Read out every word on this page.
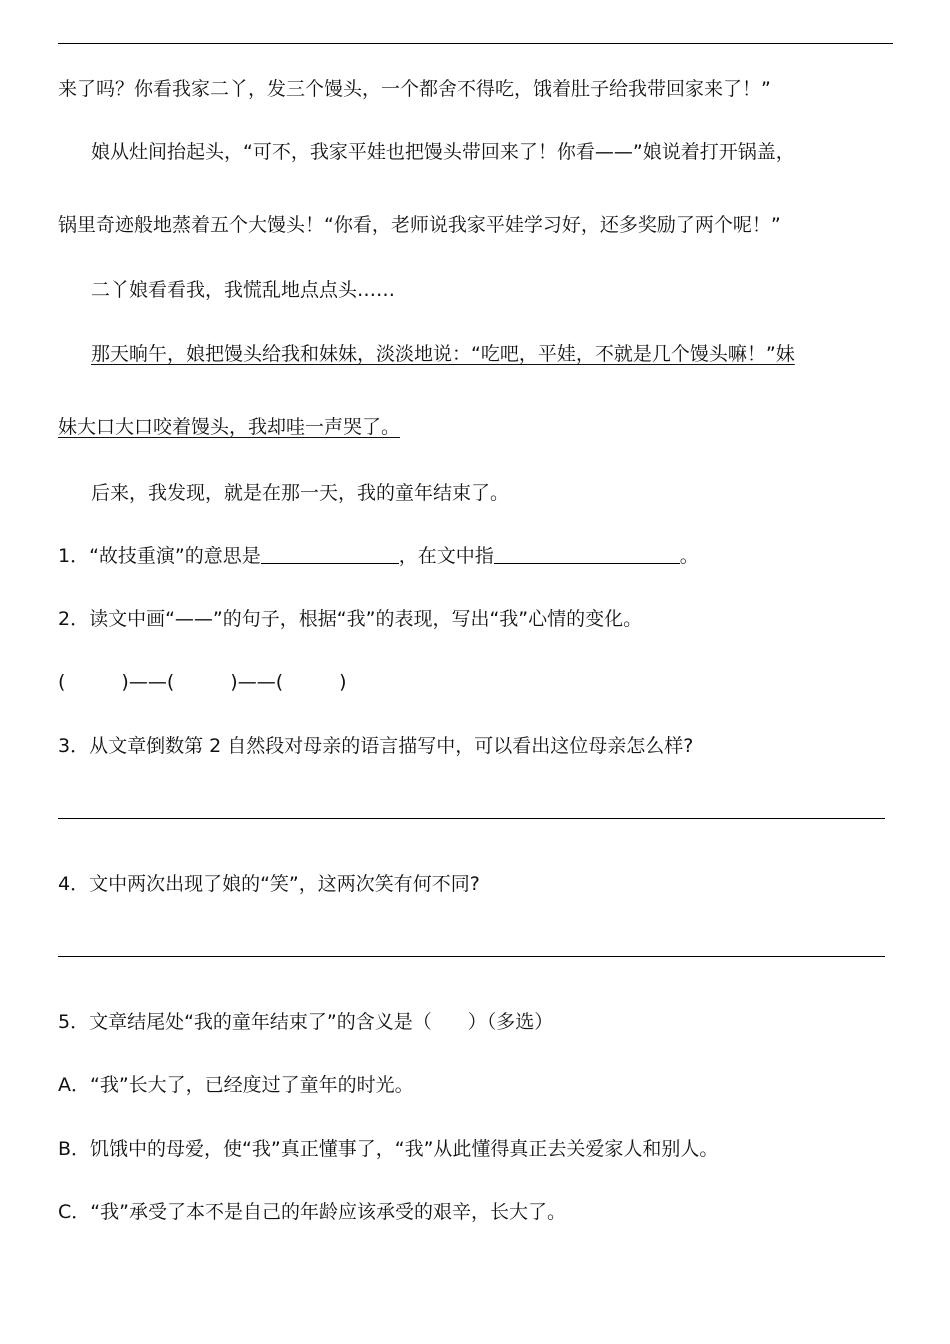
来了吗？你看我家二丫，发三个馒头，一个都舍不得吃，饿着肚子给我带回家来了！”
娘从灶间抬起头，“可不，我家平娃也把馒头带回来了！你看——”娘说着打开锅盖，
锅里奇迹般地蒸着五个大馒头！“你看，老师说我家平娃学习好，还多奖励了两个呢！”
二丫娘看看我，我慌乱地点点头……
那天晌午，娘把馒头给我和妹妹，淡淡地说：“吃吧，平娃，不就是几个馒头嘛！”妹
妹大口大口咬着馒头，我却哇一声哭了。
后来，我发现，就是在那一天，我的童年结束了。
1．“故技重演”的意思是	，在文中指	。
2．读文中画“——”的句子，根据“我”的表现，写出“我”心情的变化。
(	)——(	)——(	)
3．从文章倒数第 2 自然段对母亲的语言描写中，可以看出这位母亲怎么样?
4．文中两次出现了娘的“笑”，这两次笑有何不同?
5．文章结尾处“我的童年结束了”的含义是（ ）（多选）
A．“我”长大了，已经度过了童年的时光。
B．饥饿中的母爱，使“我”真正懂事了，“我”从此懂得真正去关爱家人和别人。
C．“我”承受了本不是自己的年龄应该承受的艰辛，长大了。
